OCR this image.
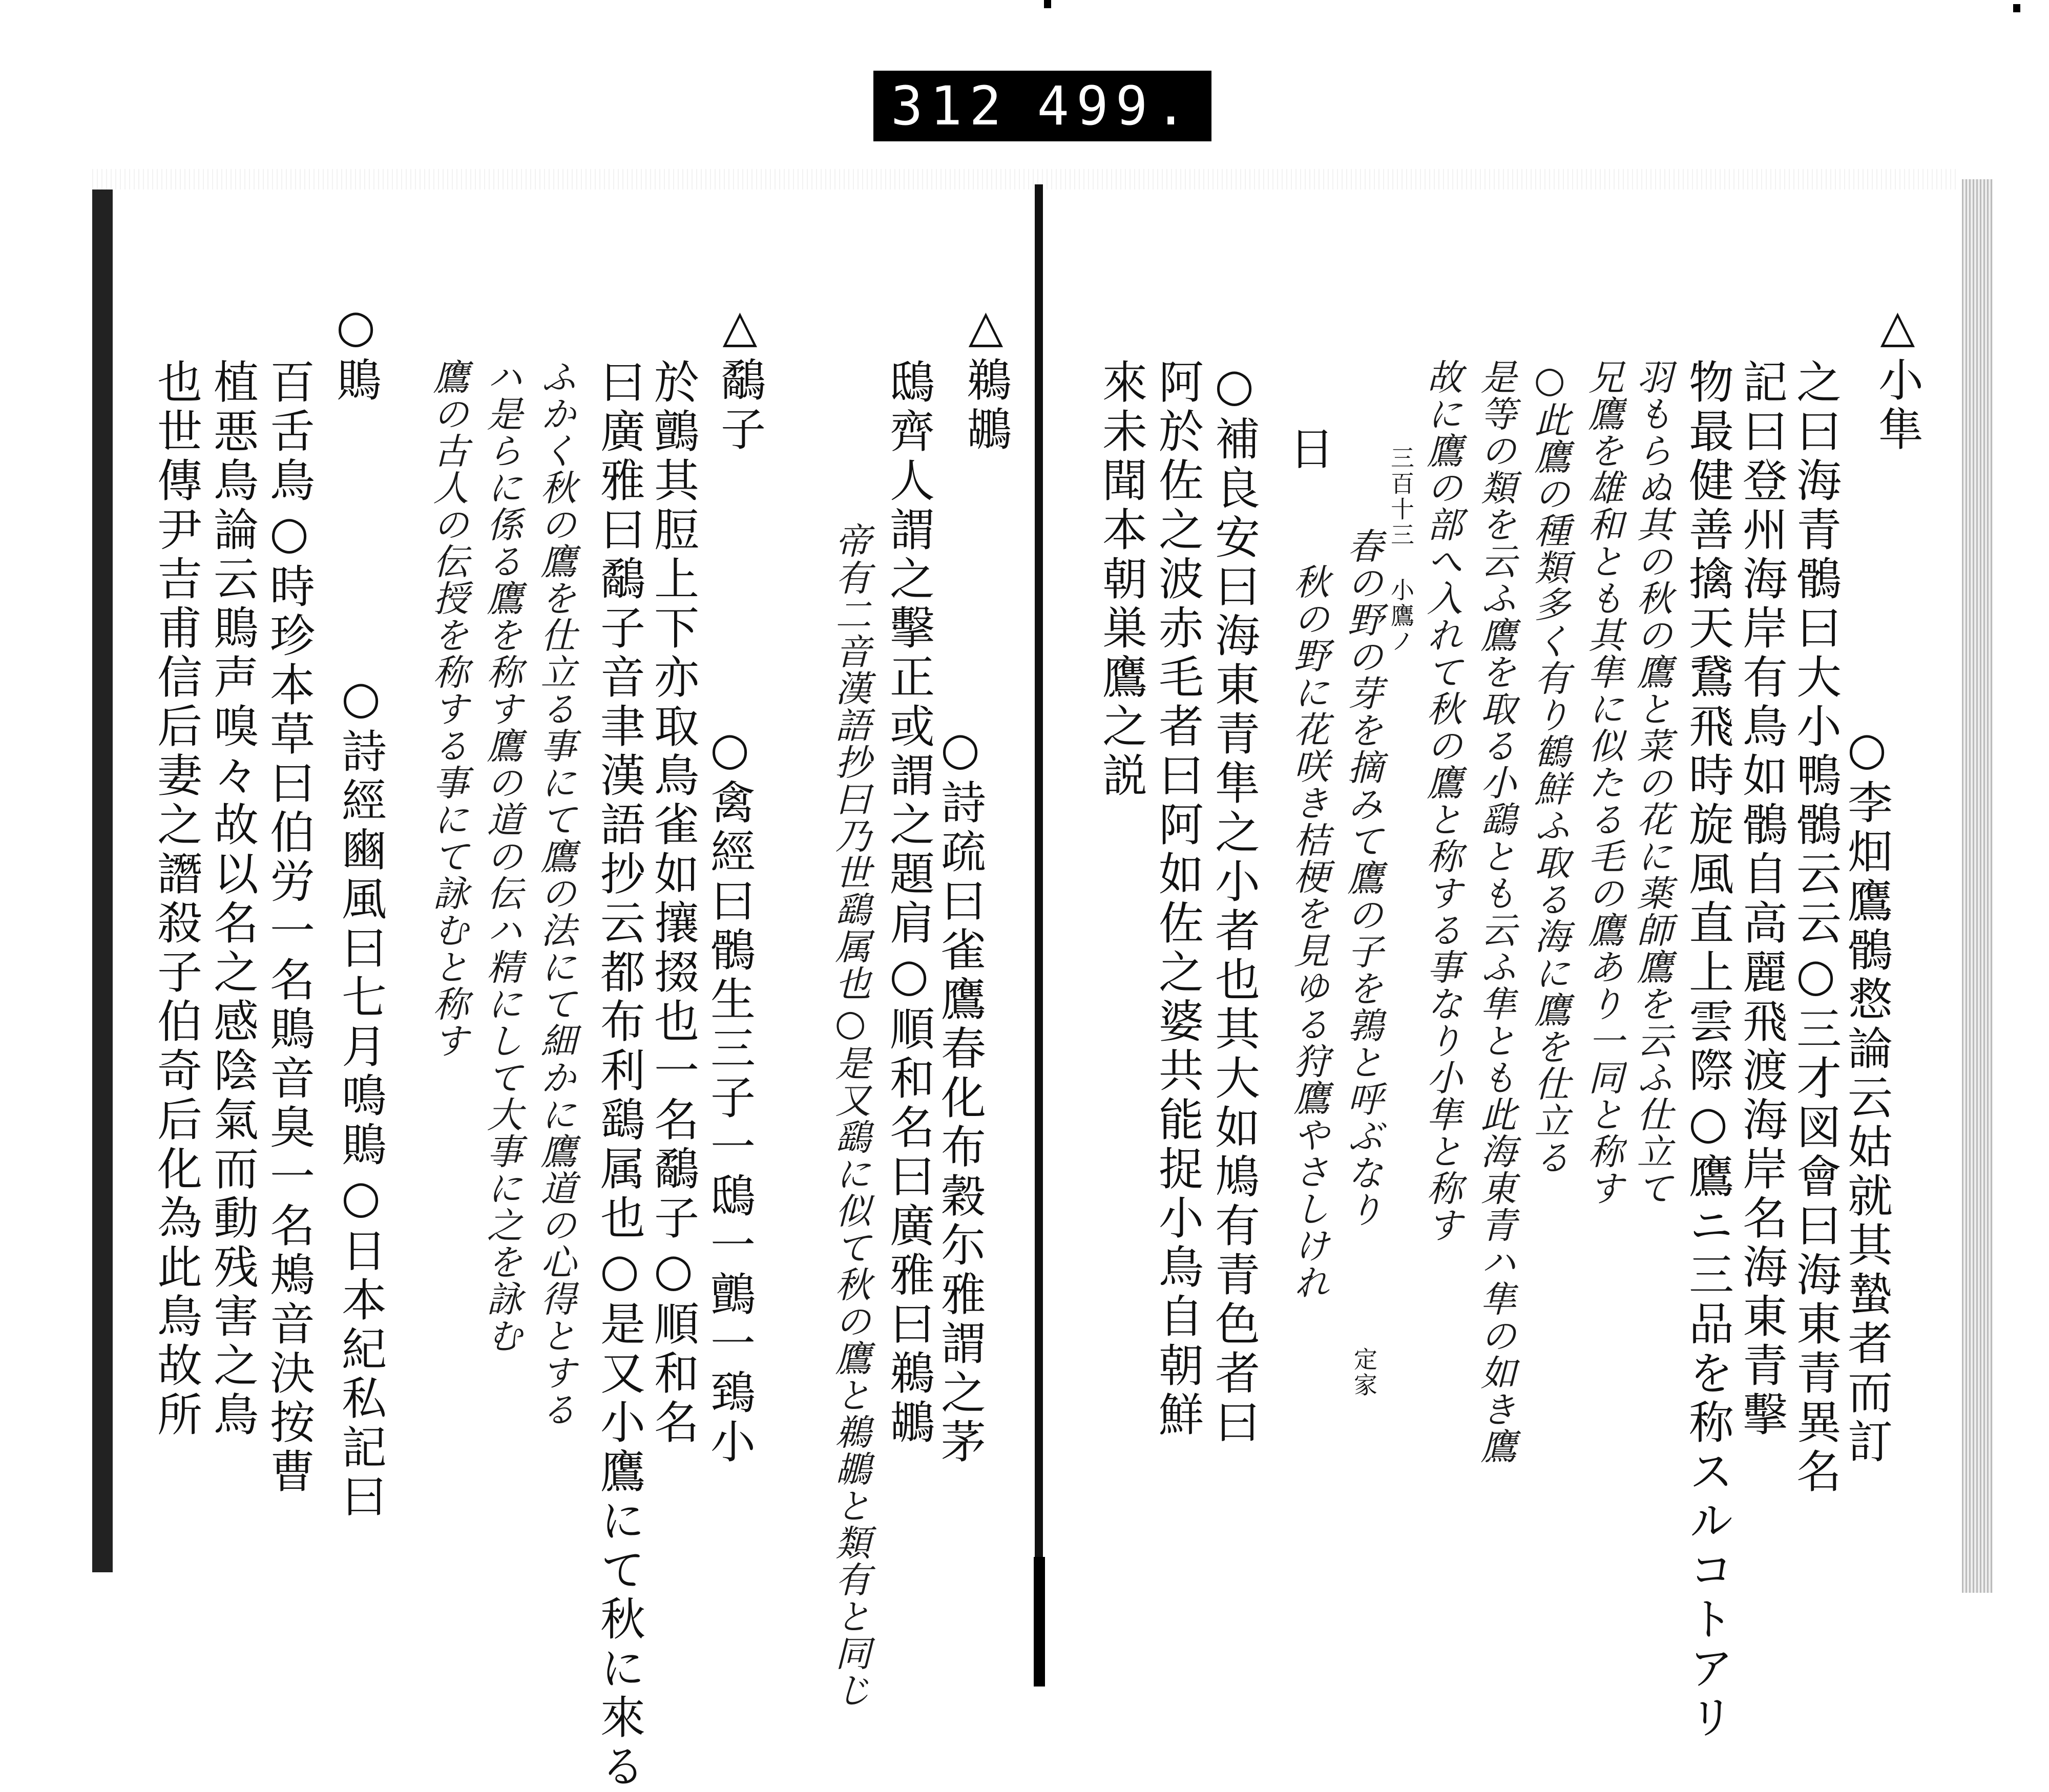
312 499.
△小隼
○李𤇆鷹鶻慦論云姑就其蟄者而訂
之曰海青鶻曰大小鴨鶻云云○三才図會曰海東青異名
記曰登州海岸有鳥如鶻自高麗飛渡海岸名海東青擊
物最健善擒天鵞飛時旋風直上雲際○鷹ニ三品を称スルコトアリ
羽もらぬ其の秋の鷹と菜の花に薬師鷹を云ふ仕立て
兄鷹を雄和とも其隼に似たる毛の鷹あり一同と称す
○此鷹の種類多く有り鶴鮮ふ取る海に鷹を仕立る
是等の類を云ふ鷹を取る小鷂とも云ふ隼とも此海東青ハ隼の如き鷹
故に鷹の部へ入れて秋の鷹と称する事なり小隼と称す
三百十三 小鷹ノ
春の野の芽を摘みて鷹の子を鶉と呼ぶなり
秋の野に花咲き桔梗を見ゆる狩鷹やさしけれ
日
定家
○補良安曰海東青隼之小者也其大如鳩有青色者曰
阿於佐之波赤毛者曰阿如佐之婆共能捉小鳥自朝鮮
來未聞本朝巣鷹之説
△鵜鶘
○詩疏曰雀鷹春化布穀尓雅謂之茅
鴟齊人謂之擊正或謂之題肩○順和名曰廣雅曰鵜鶘
帝有二音漢語抄曰乃世鷂属也○是又鷂に似て秋の鷹と鵜鶘と類有と同じ
△鷸子
於鸇其脰上下亦取鳥雀如攘掇也一名鷸子○順和名
曰廣雅曰鷸子音聿漢語抄云都布利鷂属也○是又小鷹にて秋に來る ○禽經曰鶻生三子一鴟一鸇一鵄小
ふかく秋の鷹を仕立る事にて鷹の法にて細かに鷹道の心得とする
ハ是らに係る鷹を称す鷹の道の伝ハ精にして大事に之を詠む
鷹の古人の伝授を称する事にて詠むと称す
○鵙
○詩經豳風曰七月鳴鵙○日本紀私記曰
百舌鳥○時珍本草曰伯労一名鵙音臭一名鴂音決按曹
植悪鳥論云鵙声嗅々故以名之感陰氣而動残害之鳥
也世傳尹吉甫信后妻之譖殺子伯奇后化為此鳥故所
